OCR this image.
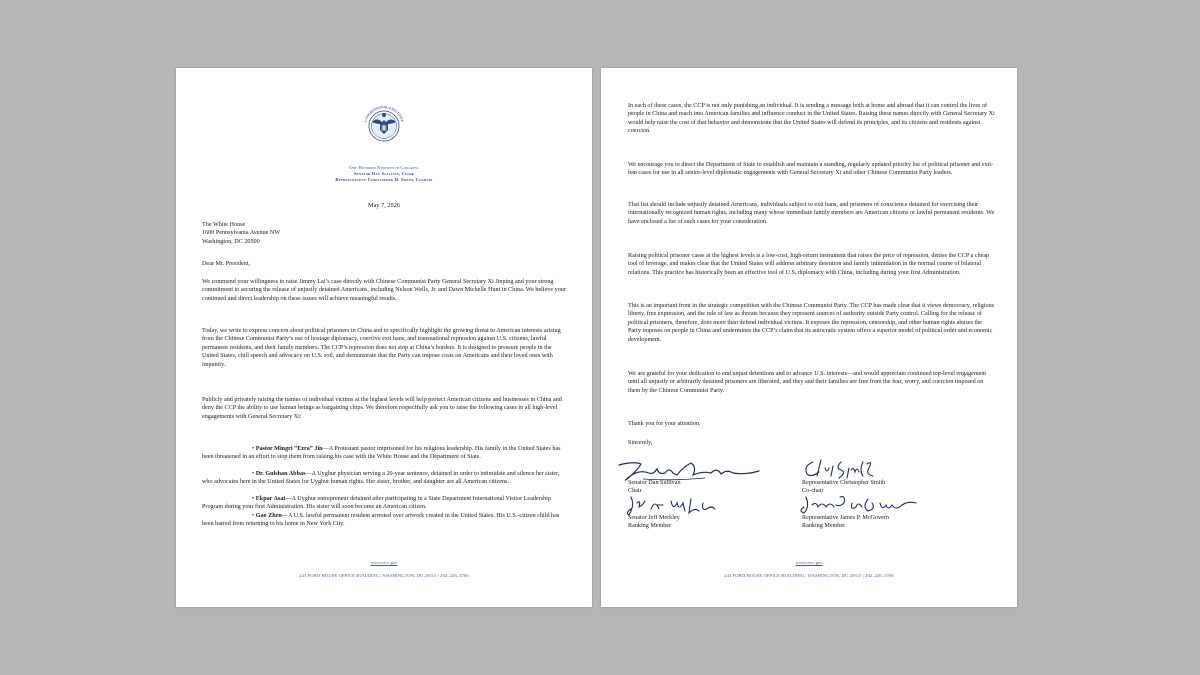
CONGRESSIONAL-EXECUTIVE
One Hundred Nineteenth Congress
Senator Dan Sullivan, Chair
Representative Christopher H. Smith, Cochair
May 7, 2026
The White House
1600 Pennsylvania Avenue NW
Washington, DC 20500

Dear Mr. President,

We commend your willingness to raise Jimmy Lai’s case directly with Chinese Communist Party General Secretary Xi Jinping and your strong commitment to securing the release of unjustly detained Americans, including Nelson Wells, Jr. and Dawn Michelle Hunt in China. We believe your continued and direct leadership on these issues will achieve meaningful results.

Today, we write to express concern about political prisoners in China and to specifically highlight the growing threat to American interests arising from the Chinese Communist Party’s use of hostage diplomacy, coercive exit bans, and transnational repression against U.S. citizens, lawful permanent residents, and their family members. The CCP’s repression does not stop at China’s borders. It is designed to pressure people in the United States, chill speech and advocacy on U.S. soil, and demonstrate that the Party can impose costs on Americans and their loved ones with impunity.

Publicly and privately raising the names of individual victims at the highest levels will help protect American citizens and businesses in China and deny the CCP the ability to use human beings as bargaining chips. We therefore respectfully ask you to raise the following cases in all high-level engagements with General Secretary Xi:

• Pastor Mingri “Ezra” Jin—A Protestant pastor imprisoned for his religious leadership. His family in the United States has been threatened in an effort to stop them from raising his case with the White House and the Department of State.

• Dr. Gulshan Abbas—A Uyghur physician serving a 20-year sentence, detained in order to intimidate and silence her sister, who advocates here in the United States for Uyghur human rights. Her sister, brother, and daughter are all American citizens.

• Ekpar Asat—A Uyghur entrepreneur detained after participating in a State Department International Visitor Leadership Program during your first Administration. His sister will soon become an American citizen.

• Gao Zhen—A U.S. lawful permanent resident arrested over artwork created in the United States. His U.S.-citizen child has been barred from returning to his home in New York City.

www.cecc.gov
243 FORD HOUSE OFFICE BUILDING | WASHINGTON, DC 20515 | 202–226–3766

In each of these cases, the CCP is not only punishing an individual. It is sending a message both at home and abroad that it can control the lives of people in China and reach into American families and influence conduct in the United States. Raising these names directly with General Secretary Xi would help raise the cost of that behavior and demonstrate that the United States will defend its principles, and its citizens and residents against coercion.

We encourage you to direct the Department of State to establish and maintain a standing, regularly updated priority list of political prisoner and exit-ban cases for use in all senior-level diplomatic engagements with General Secretary Xi and other Chinese Communist Party leaders.

That list should include unjustly detained Americans, individuals subject to exit bans, and prisoners of conscience detained for exercising their internationally recognized human rights, including many whose immediate family members are American citizens or lawful permanent residents. We have enclosed a list of such cases for your consideration.

Raising political prisoner cases at the highest levels is a low-cost, high-return instrument that raises the price of repression, denies the CCP a cheap tool of leverage, and makes clear that the United States will address arbitrary detention and family intimidation in the normal course of bilateral relations. This practice has historically been an effective tool of U.S. diplomacy with China, including during your first Administration.

This is an important front in the strategic competition with the Chinese Communist Party. The CCP has made clear that it views democracy, religious liberty, free expression, and the rule of law as threats because they represent sources of authority outside Party control. Calling for the release of political prisoners, therefore, does more than defend individual victims. It exposes the repression, censorship, and other human rights abuses the Party imposes on people in China and undermines the CCP’s claim that its autocratic system offers a superior model of political order and economic development.

We are grateful for your dedication to end unjust detentions and to advance U.S. interests—and would appreciate continued top-level engagement until all unjustly or arbitrarily detained prisoners are liberated, and they and their families are free from the fear, worry, and coercion imposed on them by the Chinese Communist Party.

Thank you for your attention.

Sincerely,

Senator Dan Sullivan
Chair
Representative Christopher Smith
Co-chair
Senator Jeff Merkley
Ranking Member
Representative James P. McGovern
Ranking Member
www.cecc.gov
243 FORD HOUSE OFFICE BUILDING | WASHINGTON, DC 20515 | 202–226–3766
